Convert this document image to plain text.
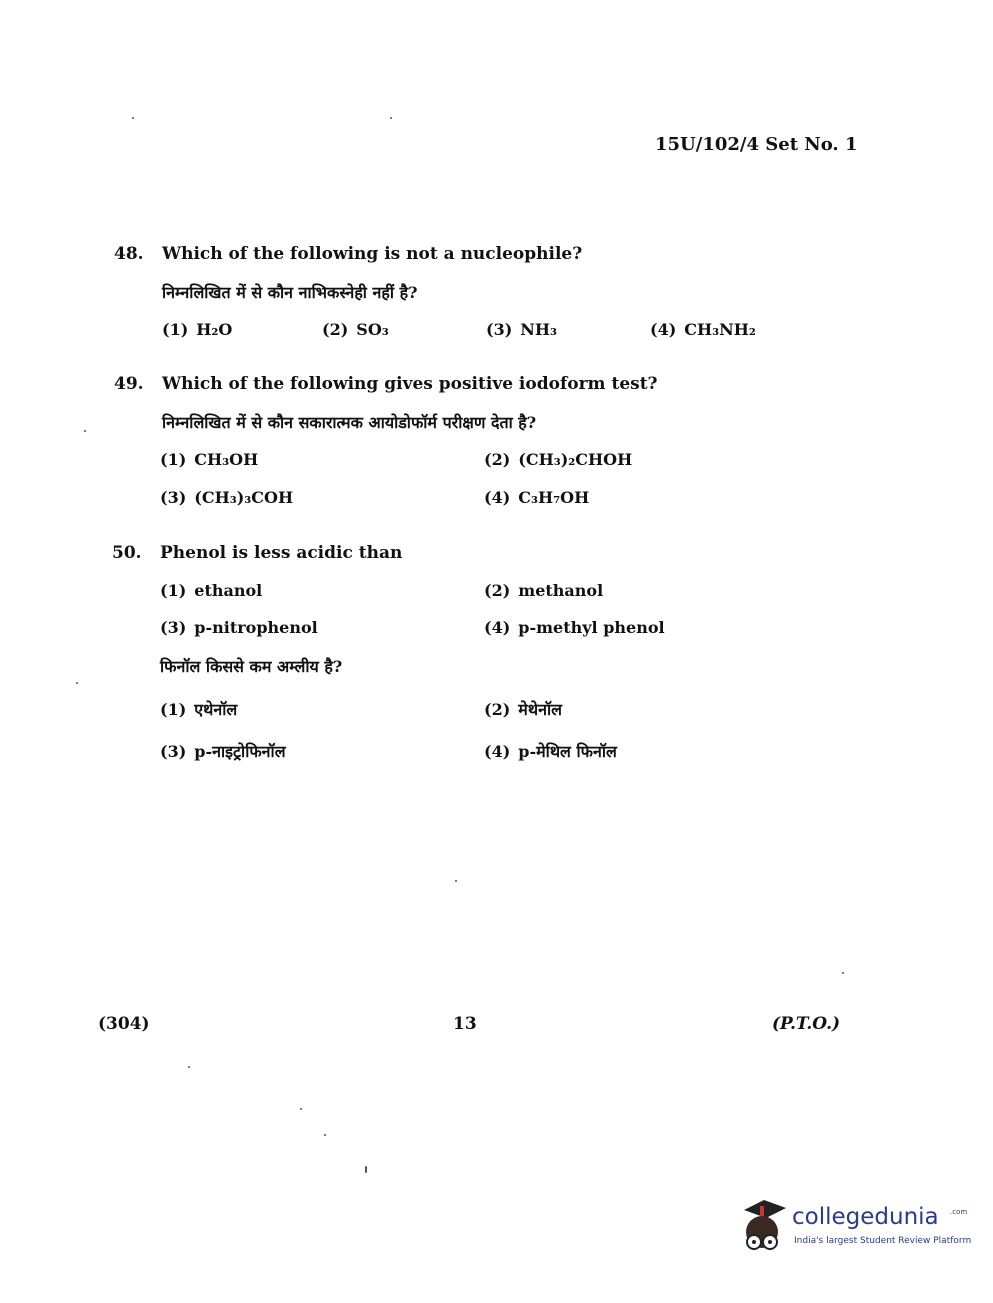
15U/102/4 Set No. 1
48. Which of the following is not a nucleophile?
निम्नलिखित में से कौन नाभिकस्नेही नहीं है?
(1) H₂O	(2) SO₃	(3) NH₃	(4) CH₃NH₂
49. Which of the following gives positive iodoform test?
निम्नलिखित में से कौन सकारात्मक आयोडोफॉर्म परीक्षण देता है?
(1) CH₃OH	(2) (CH₃)₂CHOH
(3) (CH₃)₃COH	(4) C₃H₇OH
50. Phenol is less acidic than
(1) ethanol	(2) methanol
(3) p-nitrophenol	(4) p-methyl phenol
फिनॉल किससे कम अम्लीय है?
(1) एथेनॉल	(2) मेथेनॉल
(3) p-नाइट्रोफिनॉल	(4) p-मेथिल फिनॉल
(304)	13	(P.T.O.)
collegedunia .com
India's largest Student Review Platform
